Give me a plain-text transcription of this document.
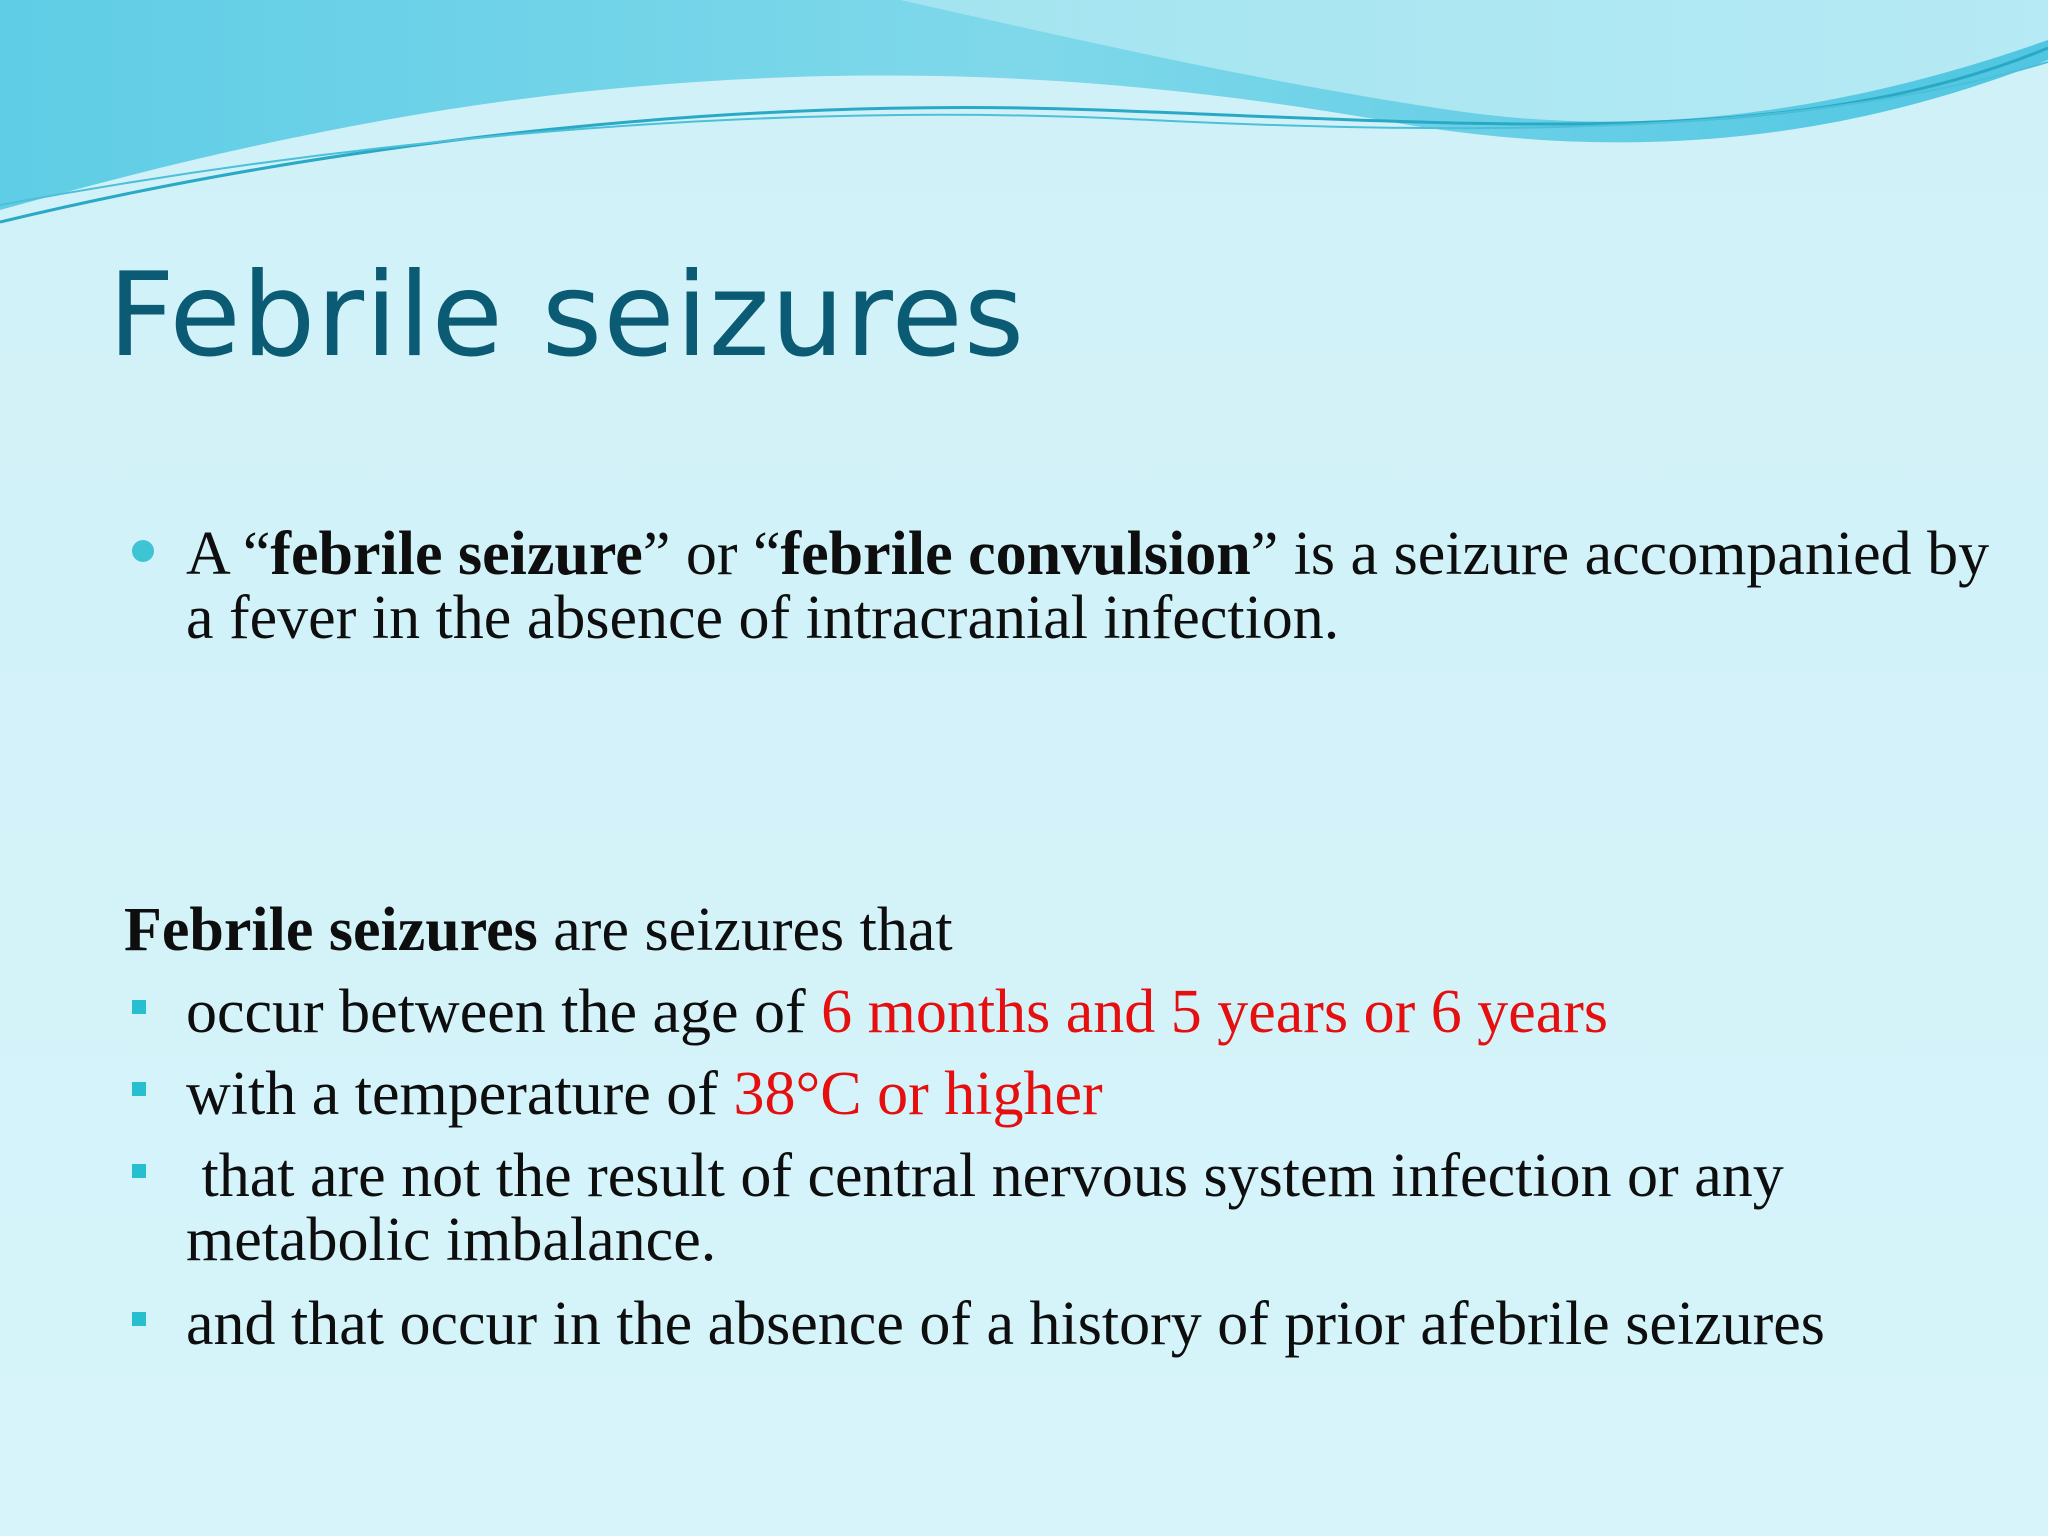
Febrile seizures
A “febrile seizure” or “febrile convulsion” is a seizure accompanied by a fever in the absence of intracranial infection.
Febrile seizures are seizures that
occur between the age of 6 months and 5 years or 6 years
with a temperature of 38°C or higher
that are not the result of central nervous system infection or any metabolic imbalance.
and that occur in the absence of a history of prior afebrile seizures
